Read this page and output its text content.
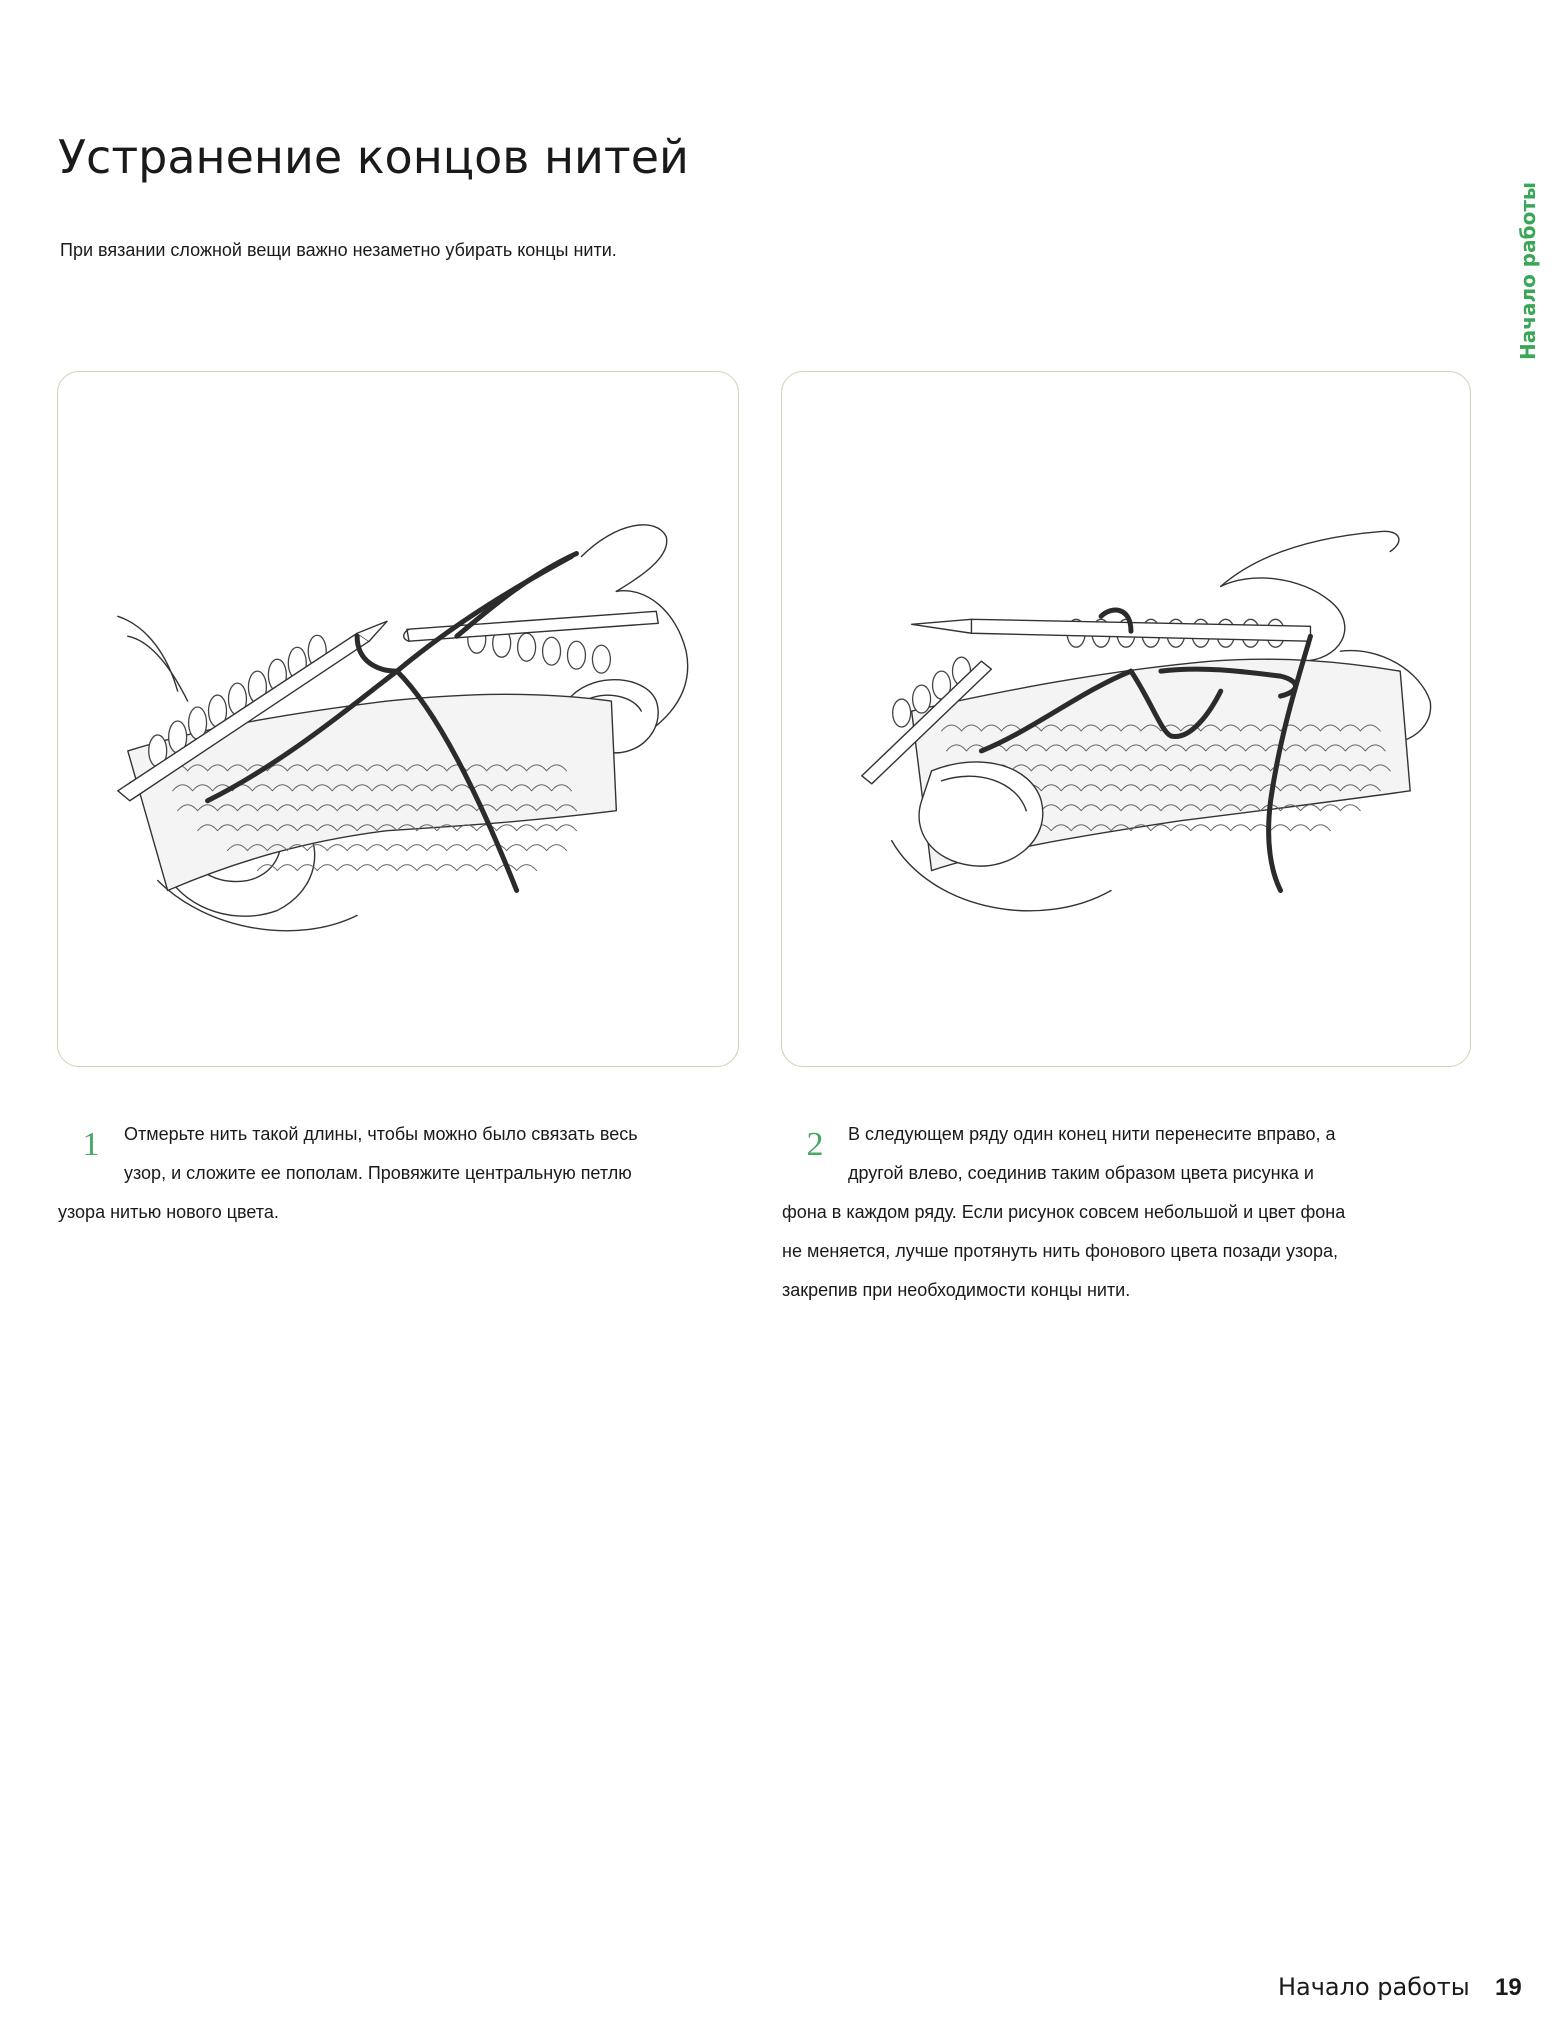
Устранение концов нитей

При вязании сложной вещи важно незаметно убирать концы нити.	Начало работы
1	Отмерьте нить такой длины, чтобы можно было связать весь узор, и сложите ее пополам. Провяжите центральную петлю узора нитью нового цвета.

2	В следующем ряду один конец нити перенесите вправо, а другой влево, соединив таким образом цвета рисунка и фона в каждом ряду. Если рисунок совсем небольшой и цвет фона не меняется, лучше протянуть нить фонового цвета позади узора, закрепив при необходимости концы нити.

Начало работы 19
